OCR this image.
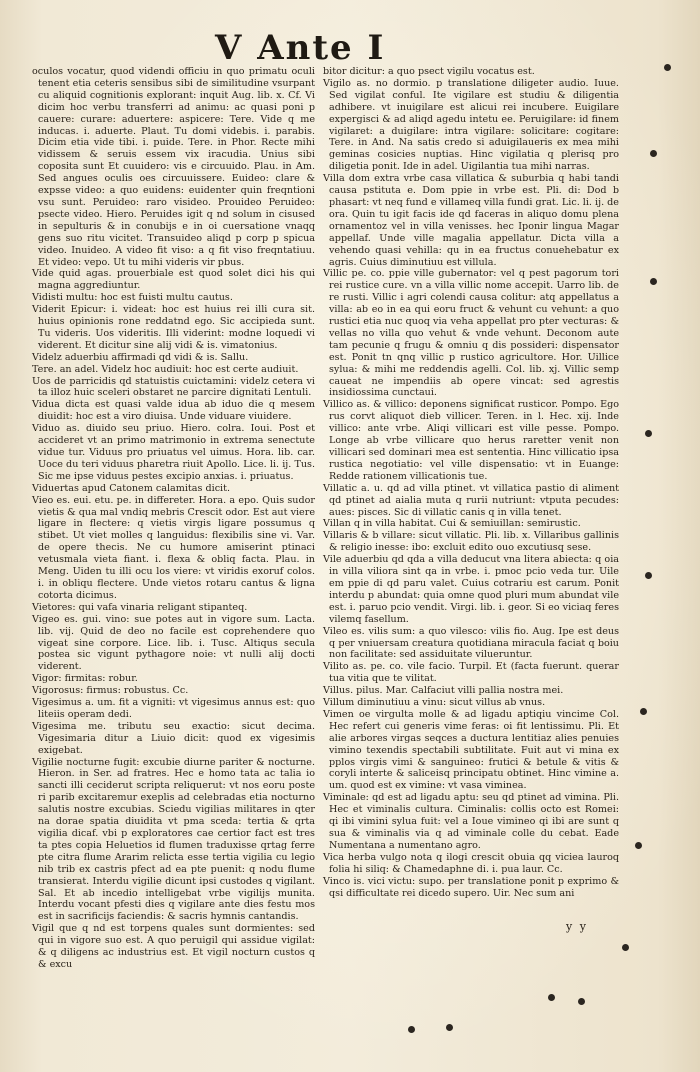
V Ante I

oculos vocatur, quod videndi officiu in quo primatu oculi tenent etia ceteris sensibus sibi de similitudine vsurpant cu aliquid cognitionis explorant: inquit Aug. lib. x. Cf. Vi dicim hoc verbu transferri ad animu: ac quasi poni p cauere: curare: aduertere: aspicere: Tere. Vide q me inducas. i. aduerte. Plaut. Tu domi videbis. i. parabis. Dicim etia vide tibi. i. puide. Tere. in Phor. Recte mihi vidissem & seruis essem vix iracudia. Unius sibi coposita sunt Et cuuidero: vis e circuuido. Plau. in Am. Sed angues oculis oes circuuissere. Euideo: clare & expsse video: a quo euidens: euidenter quin freqntioni vsu sunt. Peruideo: raro visideo. Prouideo Peruideo: psecte video. Hiero. Peruides igit q nd solum in cisused in sepulturis & in conubijs e in oi cuersatione vnaqq gens suo ritu vicitet. Transuideo aliqd p corp p spicua video. Inuideo. A video fit viso: a q fit viso freqntatiuu. Et video: vepo. Ut tu mihi videris vir pbus.

Vide quid agas. prouerbiale est quod solet dici his qui magna aggrediuntur.

Vidisti multu: hoc est fuisti multu cautus.

Viderit Epicur: i. videat: hoc est huius rei illi cura sit. huius opinionis rone reddatnd ego. Sic accipieda sunt. Tu videris. Uos videritis. Illi viderint: modne loquedi vi viderent. Et dicitur sine alij vidi & is. vimatonius.

Videlz aduerbiu affirmadi qd vidi & is. Sallu.

Tere. an adel. Videlz hoc audiuit: hoc est certe audiuit.

Uos de parricidis qd statuistis cuictamini: videlz cetera vi ta illoz huic sceleri obstaret ne parcire dignitati Lentuli.

Vidua dicta est quasi valde idua ab iduo die q mesem diuidit: hoc est a viro diuisa. Unde viduare viuidere.

Viduo as. diuido seu priuo. Hiero. colra. Ioui. Post et accideret vt an primo matrimonio in extrema senectute vidue tur. Viduus pro priuatus vel uimus. Hora. lib. car. Uoce du teri viduus pharetra riuit Apollo. Lice. li. ij. Tus. Sic me ipse viduus pestes excipio anxias. i. priuatus.

Viduertas apud Catonem calamitas dicit.

Vieo es. eui. etu. pe. in differeter. Hora. a epo. Quis sudor vietis & qua mal vndiq mebris Crescit odor. Est aut viere ligare in flectere: q vietis virgis ligare possumus q stibet. Ut viet molles q languidus: flexibilis sine vi. Var. de opere thecis. Ne cu humore amiserint ptinaci vetusmala vieta fiant. i. flexa & obliq facta. Plau. in Meng. Uiden tu illi ocu los viere: vt viridis exoruf colos. i. in obliqu flectere. Unde vietos rotaru cantus & ligna cotorta dicimus.

Vietores: qui vafa vinaria religant stipanteq.

Vigeo es. gui. vino: sue potes aut in vigore sum. Lacta. lib. vij. Quid de deo no facile est coprehendere quo vigeat sine corpore. Lice. lib. i. Tusc. Altiqus secula postea sic vigunt pythagore noie: vt nulli alij docti viderent.

Vigor: firmitas: robur.

Vigorosus: firmus: robustus. Cc.

Vigesimus a. um. fit a vigniti: vt vigesimus annus est: quo liteiis operam dedi.

Vigesima me. tributu seu exactio: sicut decima. Vigesimaria ditur a Liuio dicit: quod ex vigesimis exigebat.

Vigilie nocturne fugit: excubie diurne pariter & nocturne. Hieron. in Ser. ad fratres. Hec e homo tata ac talia io sancti illi ceciderut scripta reliquerut: vt nos eoru poste ri parib excitaremur exeplis ad celebradas etia nocturno salutis nostre excubias. Sciedu vigilias militares in qter na dorae spatia diuidita vt pma sceda: tertia & qrta vigilia dicaf. vbi p exploratores cae certior fact est tres ta ptes copia Heluetios id flumen traduxisse qrtag ferre pte citra flume Ararim relicta esse tertia vigilia cu legio nib trib ex castris pfect ad ea pte puenit: q nodu flume transierat. Interdu vigilie dicunt ipsi custodes q vigilant. Sal. Et ab incedio intelligebat vrbe vigilijs munita. Interdu vocant pfesti dies q vigilare ante dies festu mos est in sacrificijs faciendis: & sacris hymnis cantandis.

Vigil que q nd est torpens quales sunt dormientes: sed qui in vigore suo est. A quo peruigil qui assidue vigilat: & q diligens ac industrius est. Et vigil nocturn custos q & excu

bitor dicitur: a quo psect vigilu vocatus est.

Vigilo as. no dormio. p translatione diligeter audio. Iuue. Sed vigilat conful. Ite vigilare est studiu & diligentia adhibere. vt inuigilare est alicui rei incubere. Euigilare expergisci & ad aliqd agedu intetu ee. Peruigilare: id finem vigilaret: a duigilare: intra vigilare: solicitare: cogitare: Tere. in And. Na satis credo si aduigilaueris ex mea mihi geminas cosicies nuptias. Hinc vigilatia q plerisq pro diligetia ponit. Ide in adel. Uigilantia tua mihi narras.

Villa dom extra vrbe casa villatica & suburbia q habi tandi causa pstituta e. Dom ppie in vrbe est. Pli. di: Dod b phasart: vt neq fund e villameq villa fundi grat. Lic. li. ij. de ora. Quin tu igit facis ide qd faceras in aliquo domu plena ornamentoz vel in villa venisses. hec Iponir lingua Magar appellaf. Unde ville magalia appellatur. Dicta villa a vehendo quasi vehilla: qu in ea fructus conuehebatur ex agris. Cuius diminutiuu est villula.

Villic pe. co. ppie ville gubernator: vel q pest pagorum tori rei rustice cure. vn a villa villic nome accepit. Uarro lib. de re rusti. Villic i agri colendi causa colitur: atq appellatus a villa: ab eo in ea qui eoru fruct & vehunt cu vehunt: a quo rustici etia nuc quoq via veha appellat pro pter vecturas: & vellas no villa quo vehut & vnde vehunt. Deconom aute tam pecunie q frugu & omniu q dis possideri: dispensator est. Ponit tn qnq villic p rustico agricultore. Hor. Uillice sylua: & mihi me reddendis agelli. Col. lib. xj. Villic semp caueat ne impendiis ab opere vincat: sed agrestis insidiossima cunctaui.

Villico as. & villico: deponens significat rusticor. Pompo. Ego rus corvt aliquot dieb villicer. Teren. in l. Hec. xij. Inde villico: ante vrbe. Aliqi villicari est ville pesse. Pompo. Longe ab vrbe villicare quo herus raretter venit non villicari sed dominari mea est sententia. Hinc villicatio ipsa rustica negotiatio: vel ville dispensatio: vt in Euange: Redde rationem villicationis tue.

Villatic a. u. qd ad villa ptinet. vt villatica pastio di aliment qd ptinet ad aialia muta q rurii nutriunt: vtputa pecudes: aues: pisces. Sic di villatic canis q in villa tenet.

Villan q in villa habitat. Cui & semiuillan: semirustic.

Villaris & b villare: sicut villatic. Pli. lib. x. Villaribus gallinis & religio inesse: ibo: excluit edito ouo excutiusq sese.

Vile aduerbiu qd qda a villa deducut vna litera abiecta: q oia in villa viliora sint qa in vrbe. i. pmoc pcio veda tur. Uile em ppie di qd paru valet. Cuius cotrariu est carum. Ponit interdu p abundat: quia omne quod pluri mum abundat vile est. i. paruo pcio vendit. Virgi. lib. i. geor. Si eo viciaq feres vilemq fasellum.

Vileo es. vilis sum: a quo vilesco: vilis fio. Aug. Ipe est deus q per vniuersam creatura quotidiana miracula faciat q boiu non facilitate: sed assiduitate vilueruntur.

Vilito as. pe. co. vile facio. Turpil. Et (facta fuerunt. querar tua vitia que te vilitat.

Villus. pilus. Mar. Calfaciut villi pallia nostra mei.

Villum diminutiuu a vinu: sicut villus ab vnus.

Vimen oe virgulta molle & ad ligadu aptiqiu vincime Col. Hec refert cui generis vime feras: oi fit lentissimu. Pli. Et alie arbores virgas seqces a ductura lentitiaz alies penuies vimino texendis spectabili subtilitate. Fuit aut vi mina ex pplos virgis vimi & sanguineo: frutici & betule & vitis & coryli interte & saliceisq principatu obtinet. Hinc vimine a. um. quod est ex vimine: vt vasa viminea.

Viminale: qd est ad ligadu aptu: seu qd ptinet ad vimina. Pli. Hec et viminalis cultura. Ciminalis: collis octo est Romei: qi ibi vimini sylua fuit: vel a Ioue vimineo qi ibi are sunt q sua & viminalis via q ad viminale colle du cebat. Eade Numentana a numentano agro.

Vica herba vulgo nota q ilogi crescit obuia qq viciea lauroq folia hi siliq: & Chamedaphne di. i. pua laur. Cc.

Vinco is. vici victu: supo. per translatione ponit p exprimo & qsi difficultate rei dicedo supero. Uir. Nec sum ani

y y
